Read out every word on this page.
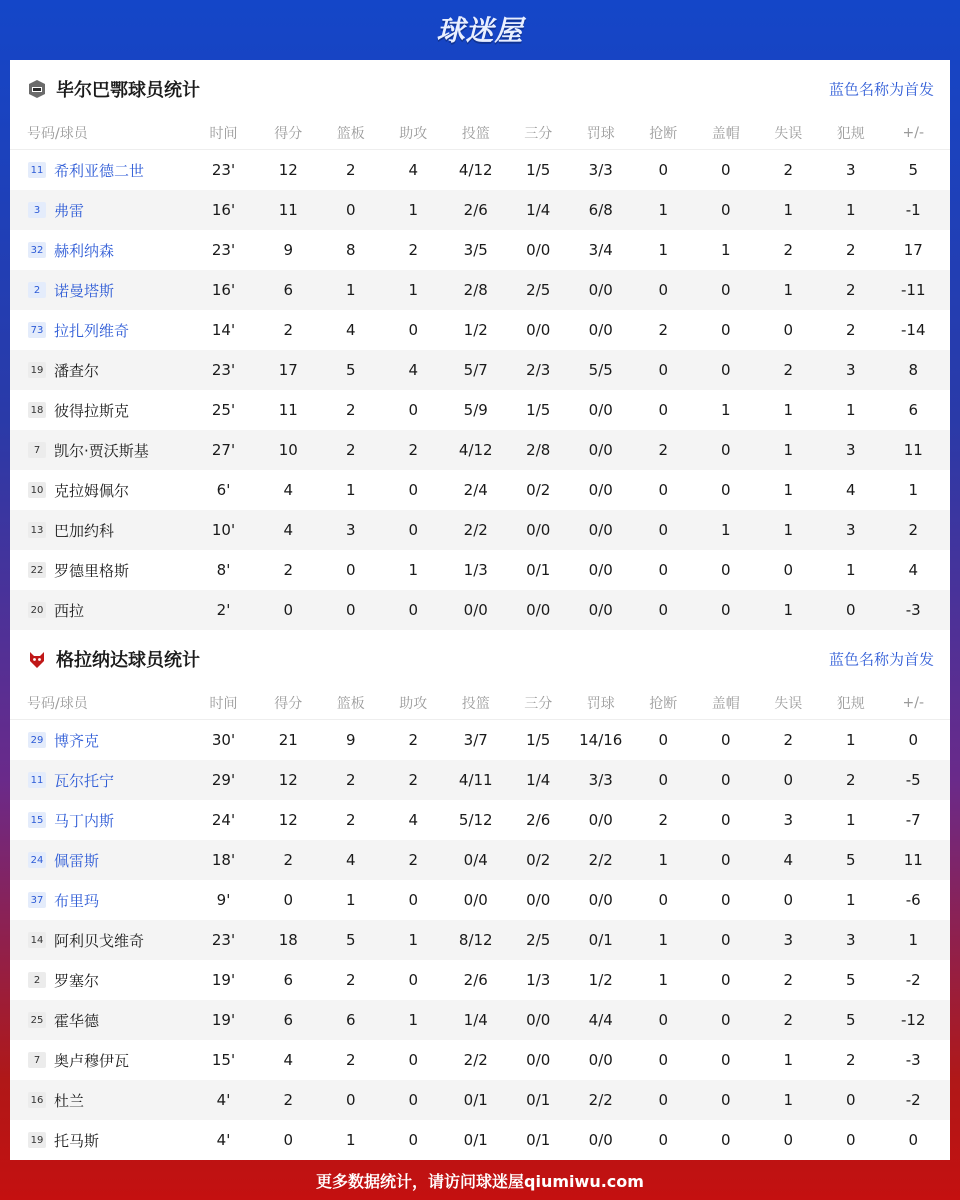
球迷屋
毕尔巴鄂球员统计	蓝色名称为首发
号码/球员	时间	得分	篮板	助攻	投篮	三分	罚球	抢断	盖帽	失误	犯规	+/-
11 希利亚德二世	23'	12	2	4	4/12	1/5	3/3	0	0	2	3	5
3 弗雷	16'	11	0	1	2/6	1/4	6/8	1	0	1	1	-1
32 赫利纳森	23'	9	8	2	3/5	0/0	3/4	1	1	2	2	17
2 诺曼塔斯	16'	6	1	1	2/8	2/5	0/0	0	0	1	2	-11
73 拉扎列维奇	14'	2	4	0	1/2	0/0	0/0	2	0	0	2	-14
19 潘查尔	23'	17	5	4	5/7	2/3	5/5	0	0	2	3	8
18 彼得拉斯克	25'	11	2	0	5/9	1/5	0/0	0	1	1	1	6
7 凯尔·贾沃斯基	27'	10	2	2	4/12	2/8	0/0	2	0	1	3	11
10 克拉姆佩尔	6'	4	1	0	2/4	0/2	0/0	0	0	1	4	1
13 巴加约科	10'	4	3	0	2/2	0/0	0/0	0	1	1	3	2
22 罗德里格斯	8'	2	0	1	1/3	0/1	0/0	0	0	0	1	4
20 西拉	2'	0	0	0	0/0	0/0	0/0	0	0	1	0	-3
格拉纳达球员统计	蓝色名称为首发
号码/球员	时间	得分	篮板	助攻	投篮	三分	罚球	抢断	盖帽	失误	犯规	+/-
29 博齐克	30'	21	9	2	3/7	1/5	14/16	0	0	2	1	0
11 瓦尔托宁	29'	12	2	2	4/11	1/4	3/3	0	0	0	2	-5
15 马丁内斯	24'	12	2	4	5/12	2/6	0/0	2	0	3	1	-7
24 佩雷斯	18'	2	4	2	0/4	0/2	2/2	1	0	4	5	11
37 布里玛	9'	0	1	0	0/0	0/0	0/0	0	0	0	1	-6
14 阿利贝戈维奇	23'	18	5	1	8/12	2/5	0/1	1	0	3	3	1
2 罗塞尔	19'	6	2	0	2/6	1/3	1/2	1	0	2	5	-2
25 霍华德	19'	6	6	1	1/4	0/0	4/4	0	0	2	5	-12
7 奥卢穆伊瓦	15'	4	2	0	2/2	0/0	0/0	0	0	1	2	-3
16 杜兰	4'	2	0	0	0/1	0/1	2/2	0	0	1	0	-2
19 托马斯	4'	0	1	0	0/1	0/1	0/0	0	0	0	0	0
更多数据统计，请访问球迷屋qiumiwu.com
